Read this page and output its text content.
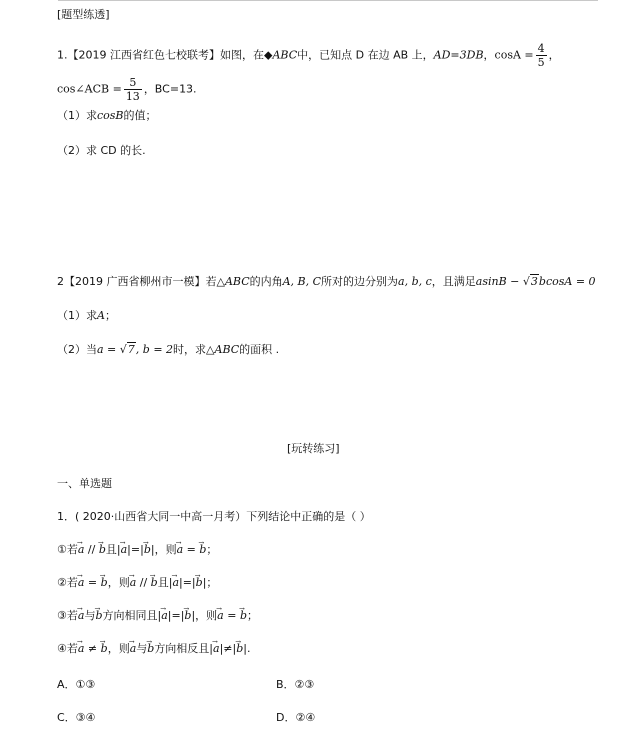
[题型练透]
1.【2019 江西省红色七校联考】如图，在◆ABC中，已知点 D 在边 AB 上，AD=3DB，$\cos A = \frac{4}{5}$ ，
cos∠ACB = $\frac{5}{13}$ ，BC=13.
（1）求cosB的值；
（2）求 CD 的长.
2【2019 广西省柳州市一模】若△ABC的内角A, B, C所对的边分别为a, b, c，且满足asinB − √3bcosA = 0
（1）求A；
（2）当a = √7, b = 2时，求△ABC的面积 .
[玩转练习]
一、单选题
1．( 2020·山西省大同一中高一月考）下列结论中正确的是（ ）
①若→ a // → b且|→ a|=|→ b|，则→ a = → b；
②若→ a = → b，则→ a // → b且|→ a|=|→ b|；
③若→ a与→ b方向相同且|→ a|=|→ b|，则→ a = → b；
④若→ a ≠ → b，则→ a与→ b方向相反且|→ a|≠|→ b|.
A．①③	B．②③
C．③④	D．②④
